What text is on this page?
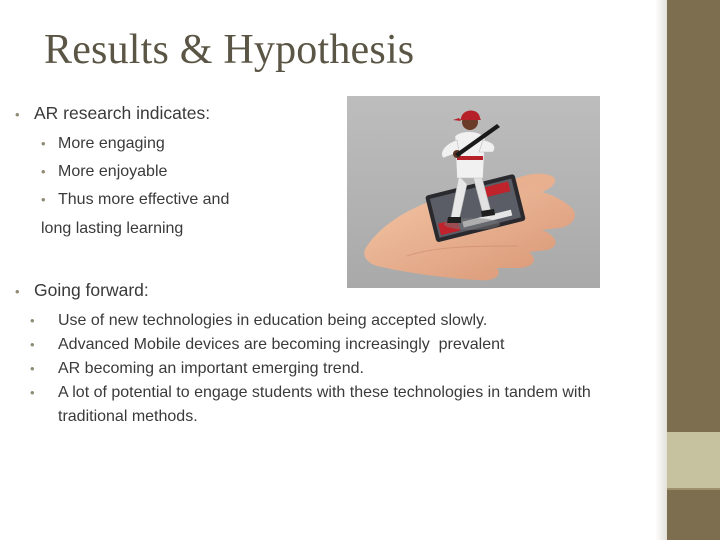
Results & Hypothesis
• AR research indicates:
• More engaging
• More enjoyable
• Thus more effective and
long lasting learning
• Going forward:
•	Use of new technologies in education being accepted slowly.
•	Advanced Mobile devices are becoming increasingly  prevalent
•	AR becoming an important emerging trend.
•	A lot of potential to engage students with these technologies in tandem with traditional methods.
